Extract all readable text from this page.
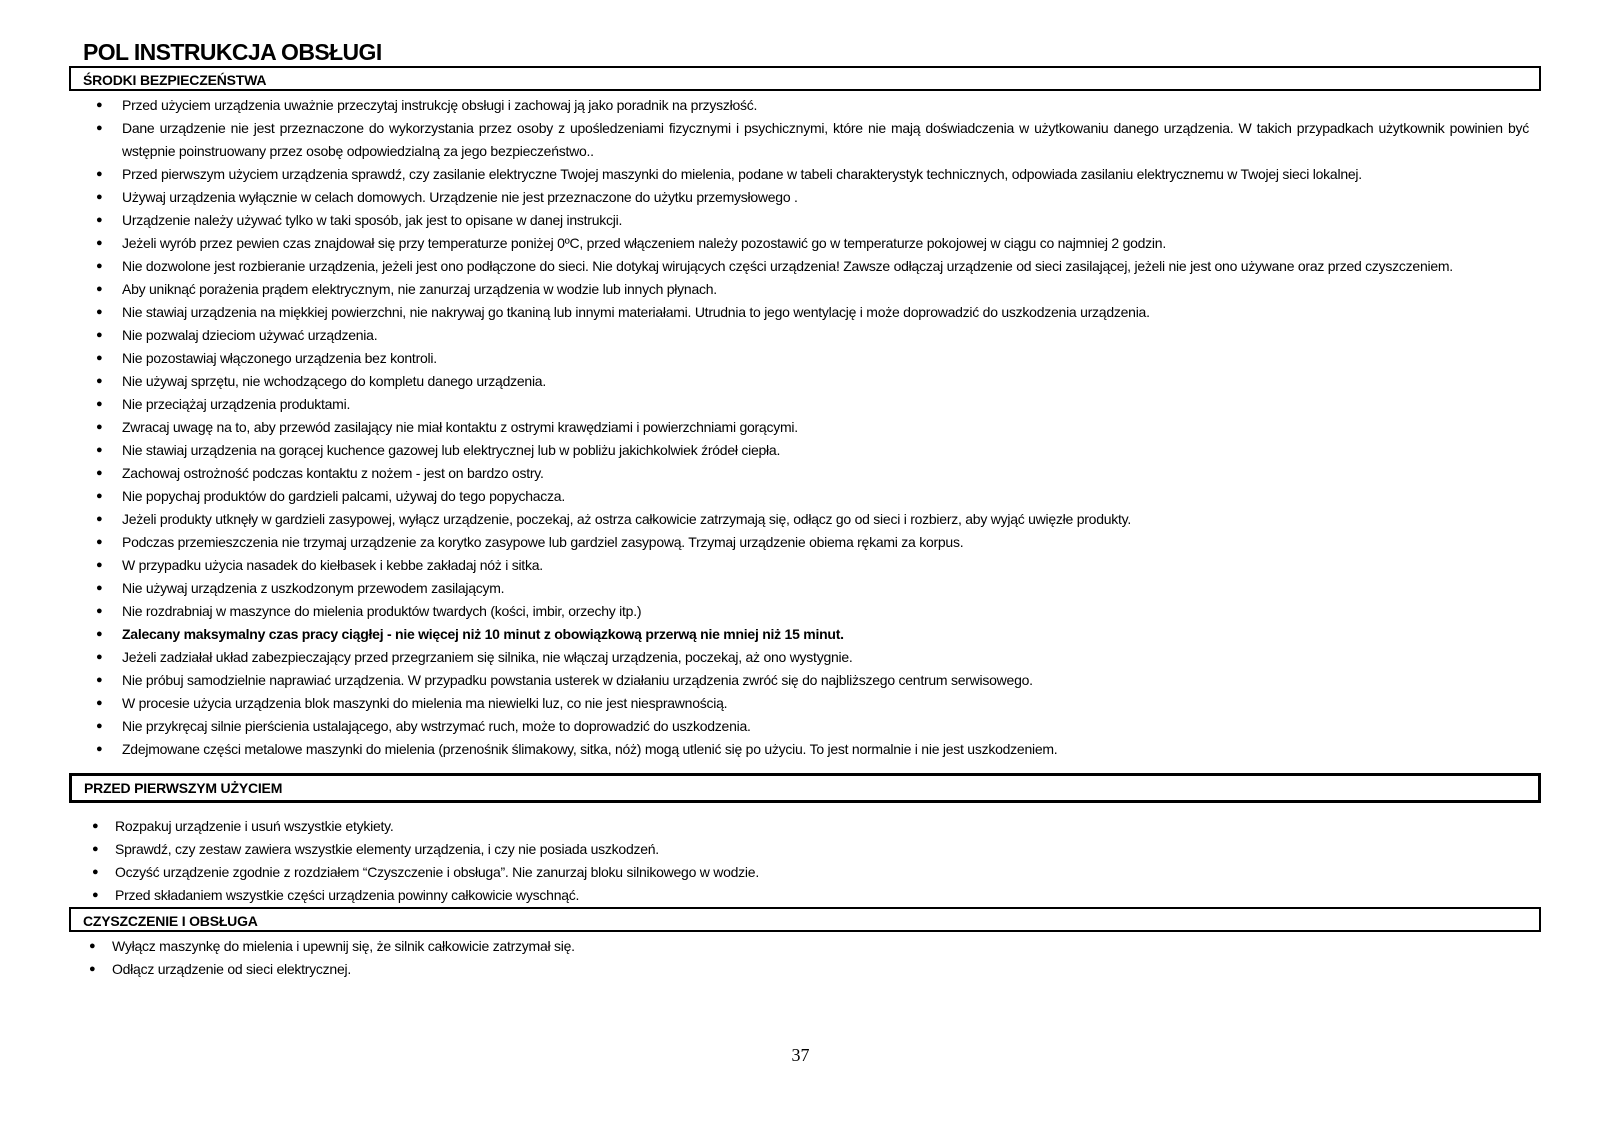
POL INSTRUKCJA OBSŁUGI
ŚRODKI BEZPIECZEŃSTWA
● Przed użyciem urządzenia uważnie przeczytaj instrukcję obsługi i zachowaj ją jako poradnik na przyszłość.
● Dane urządzenie nie jest przeznaczone do wykorzystania przez osoby z upośledzeniami fizycznymi i psychicznymi, które nie mają doświadczenia w użytkowaniu danego urządzenia. W takich przypadkach użytkownik powinien być wstępnie poinstruowany przez osobę odpowiedzialną za jego bezpieczeństwo..
● Przed pierwszym użyciem urządzenia sprawdź, czy zasilanie elektryczne Twojej maszynki do mielenia, podane w tabeli charakterystyk technicznych, odpowiada zasilaniu elektrycznemu w Twojej sieci lokalnej.
● Używaj urządzenia wyłącznie w celach domowych. Urządzenie nie jest przeznaczone do użytku przemysłowego .
● Urządzenie należy używać tylko w taki sposób, jak jest to opisane w danej instrukcji.
● Jeżeli wyrób przez pewien czas znajdował się przy temperaturze poniżej 0ºC, przed włączeniem należy pozostawić go w temperaturze pokojowej w ciągu co najmniej 2 godzin.
● Nie dozwolone jest rozbieranie urządzenia, jeżeli jest ono podłączone do sieci. Nie dotykaj wirujących części urządzenia! Zawsze odłączaj urządzenie od sieci zasilającej, jeżeli nie jest ono używane oraz przed czyszczeniem.
● Aby uniknąć porażenia prądem elektrycznym, nie zanurzaj urządzenia w wodzie lub innych płynach.
● Nie stawiaj urządzenia na miękkiej powierzchni, nie nakrywaj go tkaniną lub innymi materiałami. Utrudnia to jego wentylację i może doprowadzić do uszkodzenia urządzenia.
● Nie pozwalaj dzieciom używać urządzenia.
● Nie pozostawiaj włączonego urządzenia bez kontroli.
● Nie używaj sprzętu, nie wchodzącego do kompletu danego urządzenia.
● Nie przeciążaj urządzenia produktami.
● Zwracaj uwagę na to, aby przewód zasilający nie miał kontaktu z ostrymi krawędziami i powierzchniami gorącymi.
● Nie stawiaj urządzenia na gorącej kuchence gazowej lub elektrycznej lub w pobliżu jakichkolwiek źródeł ciepła.
● Zachowaj ostrożność podczas kontaktu z nożem - jest on bardzo ostry.
● Nie popychaj produktów do gardzieli palcami, używaj do tego popychacza.
● Jeżeli produkty utknęły w gardzieli zasypowej, wyłącz urządzenie, poczekaj, aż ostrza całkowicie zatrzymają się, odłącz go od sieci i rozbierz, aby wyjąć uwięzłe produkty.
● Podczas przemieszczenia nie trzymaj urządzenie za korytko zasypowe lub gardziel zasypową. Trzymaj urządzenie obiema rękami za korpus.
● W przypadku użycia nasadek do kiełbasek i kebbe zakładaj nóż i sitka.
● Nie używaj urządzenia z uszkodzonym przewodem zasilającym.
● Nie rozdrabniaj w maszynce do mielenia produktów twardych (kości, imbir, orzechy itp.)
● Zalecany maksymalny czas pracy ciągłej - nie więcej niż 10 minut z obowiązkową przerwą nie mniej niż 15 minut.
● Jeżeli zadziałał układ zabezpieczający przed przegrzaniem się silnika, nie włączaj urządzenia, poczekaj, aż ono wystygnie.
● Nie próbuj samodzielnie naprawiać urządzenia. W przypadku powstania usterek w działaniu urządzenia zwróć się do najbliższego centrum serwisowego.
● W procesie użycia urządzenia blok maszynki do mielenia ma niewielki luz, co nie jest niesprawnością.
● Nie przykręcaj silnie pierścienia ustalającego, aby wstrzymać ruch, może to doprowadzić do uszkodzenia.
● Zdejmowane części metalowe maszynki do mielenia (przenośnik ślimakowy, sitka, nóż) mogą utlenić się po użyciu. To jest normalnie i nie jest uszkodzeniem.
PRZED PIERWSZYM UŻYCIEM
● Rozpakuj urządzenie i usuń wszystkie etykiety.
● Sprawdź, czy zestaw zawiera wszystkie elementy urządzenia, i czy nie posiada uszkodzeń.
● Oczyść urządzenie zgodnie z rozdziałem “Czyszczenie i obsługa”. Nie zanurzaj bloku silnikowego w wodzie.
● Przed składaniem wszystkie części urządzenia powinny całkowicie wyschnąć.
CZYSZCZENIE I OBSŁUGA
● Wyłącz maszynkę do mielenia i upewnij się, że silnik całkowicie zatrzymał się.
● Odłącz urządzenie od sieci elektrycznej.
37
